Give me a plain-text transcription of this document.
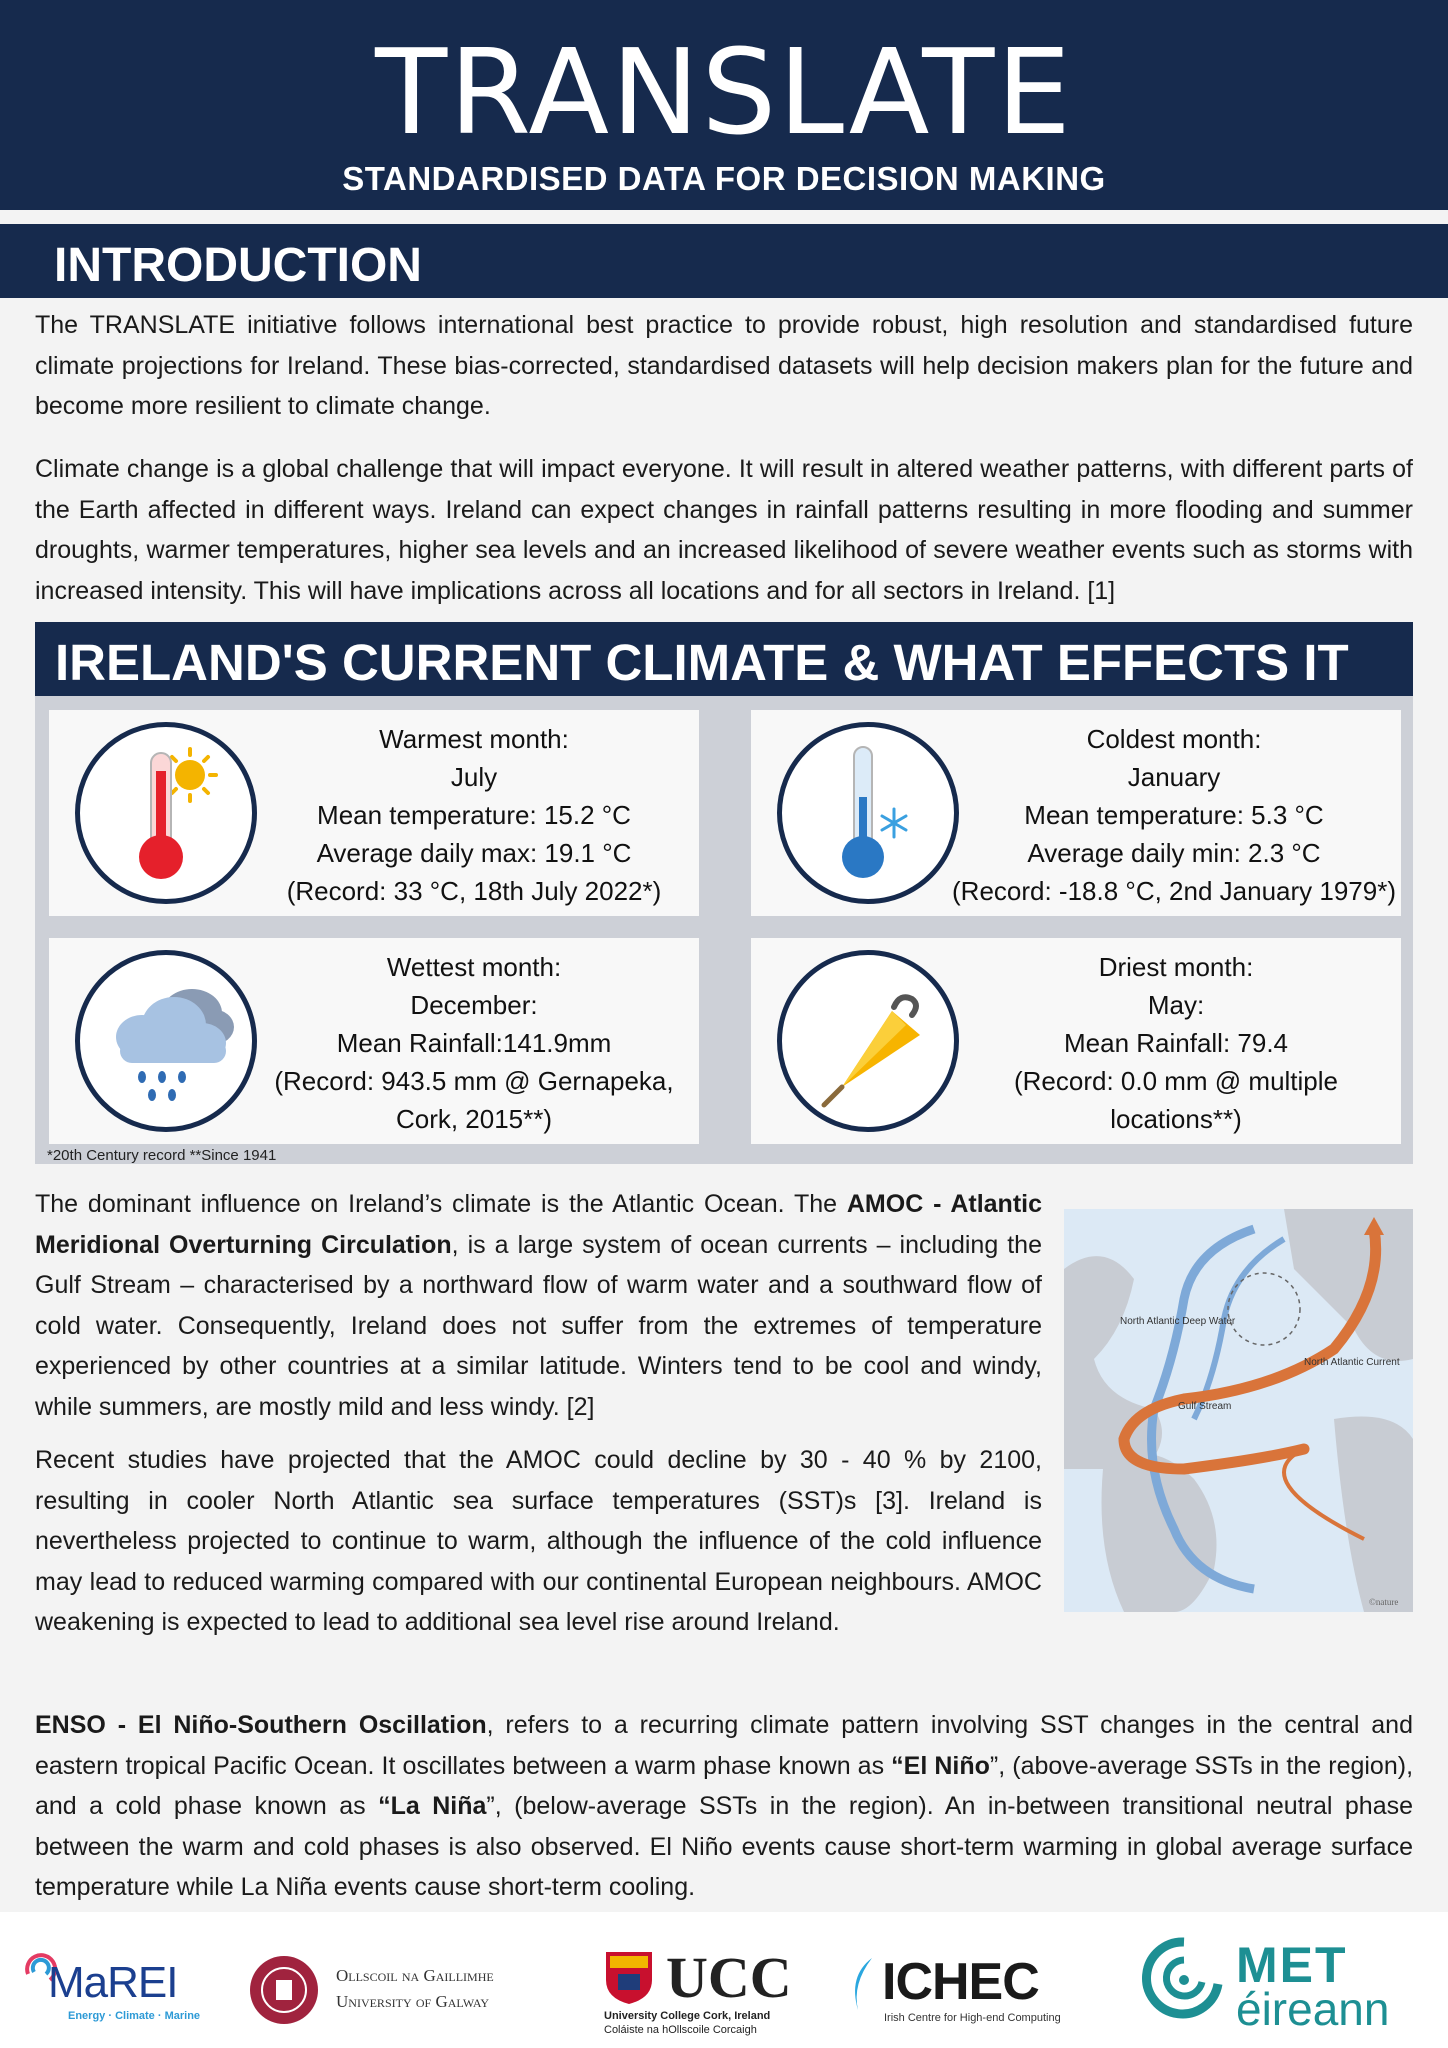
TRANSLATE
STANDARDISED DATA FOR DECISION MAKING
INTRODUCTION
The TRANSLATE initiative follows international best practice to provide robust, high resolution and standardised future climate projections for Ireland. These bias-corrected, standardised datasets will help decision makers plan for the future and become more resilient to climate change.
Climate change is a global challenge that will impact everyone. It will result in altered weather patterns, with different parts of the Earth affected in different ways. Ireland can expect changes in rainfall patterns resulting in more flooding and summer droughts, warmer temperatures, higher sea levels and an increased likelihood of severe weather events such as storms with increased intensity. This will have implications across all locations and for all sectors in Ireland. [1]
IRELAND'S CURRENT CLIMATE & WHAT EFFECTS IT
Warmest month:
July
Mean temperature: 15.2 °C
Average daily max: 19.1 °C
(Record: 33 °C, 18th July 2022*)
Coldest month:
January
Mean temperature: 5.3 °C
Average daily min: 2.3 °C
(Record: -18.8 °C, 2nd January 1979*)
Wettest month:
December:
Mean Rainfall:141.9mm
(Record: 943.5 mm @ Gernapeka,
Cork, 2015**)
Driest month:
May:
Mean Rainfall: 79.4
(Record: 0.0 mm @ multiple
locations**)
*20th Century record **Since 1941
The dominant influence on Ireland’s climate is the Atlantic Ocean. The AMOC - Atlantic Meridional Overturning Circulation, is a large system of ocean currents – including the Gulf Stream – characterised by a northward flow of warm water and a southward flow of cold water. Consequently, Ireland does not suffer from the extremes of temperature experienced by other countries at a similar latitude. Winters tend to be cool and windy, while summers, are mostly mild and less windy. [2]
Recent studies have projected that the AMOC could decline by 30 - 40 % by 2100, resulting in cooler North Atlantic sea surface temperatures (SST)s [3]. Ireland is nevertheless projected to continue to warm, although the influence of the cold influence may lead to reduced warming compared with our continental European neighbours. AMOC weakening is expected to lead to additional sea level rise around Ireland.
North Atlantic Deep Water
Gulf Stream
North Atlantic Current
©nature
ENSO - El Niño-Southern Oscillation, refers to a recurring climate pattern involving SST changes in the central and eastern tropical Pacific Ocean. It oscillates between a warm phase known as “El Niño”, (above-average SSTs in the region), and a cold phase known as “La Niña”, (below-average SSTs in the region). An in-between transitional neutral phase between the warm and cold phases is also observed. El Niño events cause short-term warming in global average surface temperature while La Niña events cause short-term cooling.
MaREI
Energy · Climate · Marine
Ollscoil na Gaillimhe
University of Galway	UCC
University College Cork, Ireland
Coláiste na hOllscoile Corcaigh
ICHEC
Irish Centre for High-end Computing
MET
éireann
